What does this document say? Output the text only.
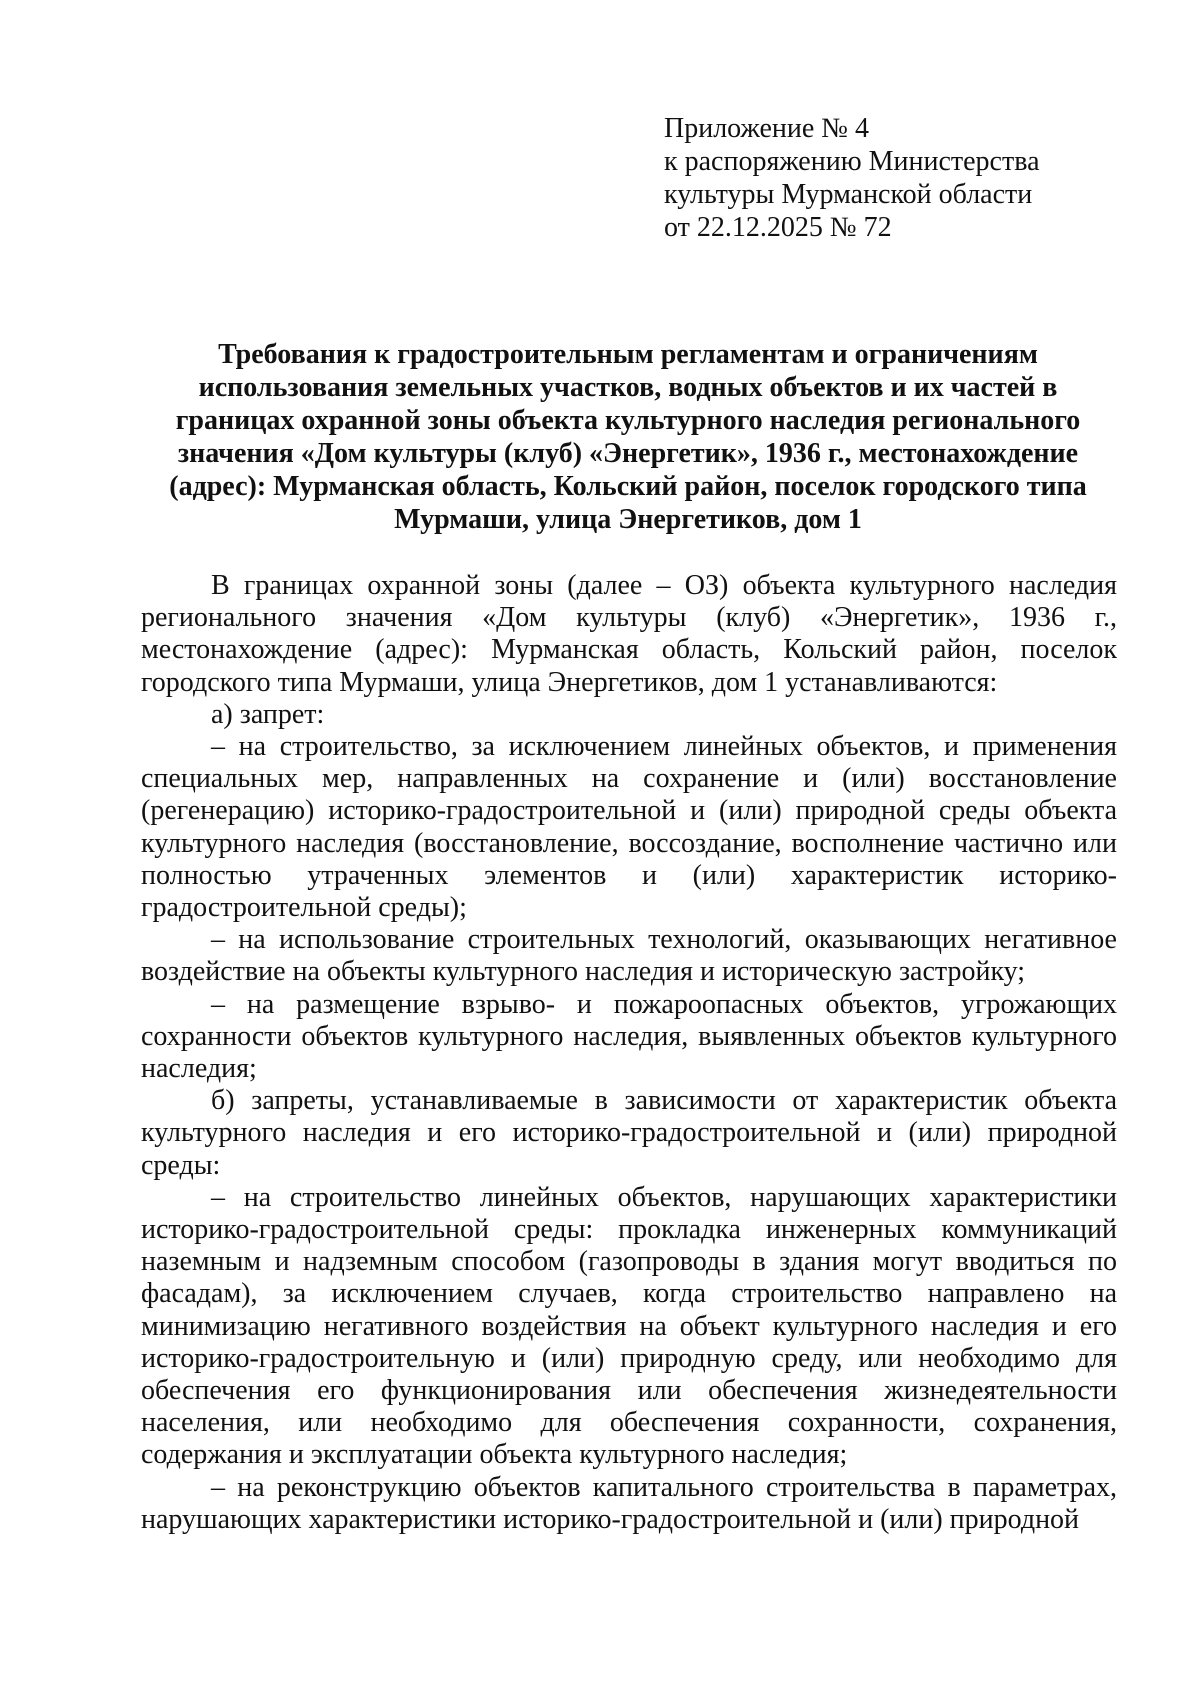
Приложение № 4
к распоряжению Министерства
культуры Мурманской области
от 22.12.2025 № 72
Требования к градостроительным регламентам и ограничениям использования земельных участков, водных объектов и их частей в границах охранной зоны объекта культурного наследия регионального значения «Дом культуры (клуб) «Энергетик», 1936 г., местонахождение (адрес): Мурманская область, Кольский район, поселок городского типа Мурмаши, улица Энергетиков, дом 1

В границах охранной зоны (далее – ОЗ) объекта культурного наследия регионального значения «Дом культуры (клуб) «Энергетик», 1936 г., местонахождение (адрес): Мурманская область, Кольский район, поселок городского типа Мурмаши, улица Энергетиков, дом 1 устанавливаются:

а) запрет:

– на строительство, за исключением линейных объектов, и применения специальных мер, направленных на сохранение и (или) восстановление (регенерацию) историко-градостроительной и (или) природной среды объекта культурного наследия (восстановление, воссоздание, восполнение частично или полностью утраченных элементов и (или) характеристик историко-градостроительной среды);

– на использование строительных технологий, оказывающих негативное воздействие на объекты культурного наследия и историческую застройку;

– на размещение взрыво- и пожароопасных объектов, угрожающих сохранности объектов культурного наследия, выявленных объектов культурного наследия;

б) запреты, устанавливаемые в зависимости от характеристик объекта культурного наследия и его историко-градостроительной и (или) природной среды:

– на строительство линейных объектов, нарушающих характеристики историко-градостроительной среды: прокладка инженерных коммуникаций наземным и надземным способом (газопроводы в здания могут вводиться по фасадам), за исключением случаев, когда строительство направлено на минимизацию негативного воздействия на объект культурного наследия и его историко-градостроительную и (или) природную среду, или необходимо для обеспечения его функционирования или обеспечения жизнедеятельности населения, или необходимо для обеспечения сохранности, сохранения, содержания и эксплуатации объекта культурного наследия;

– на реконструкцию объектов капитального строительства в параметрах, нарушающих характеристики историко-градостроительной и (или) природной
